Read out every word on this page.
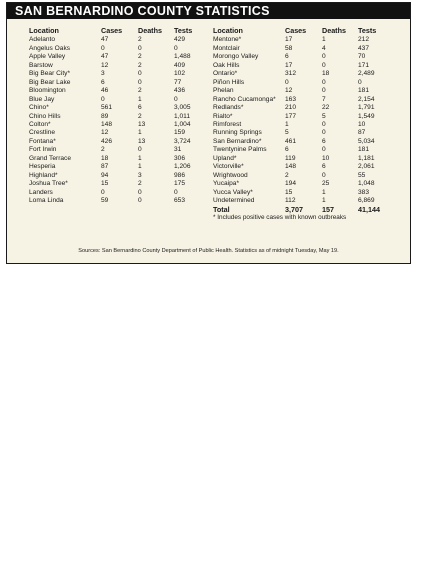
SAN BERNARDINO COUNTY STATISTICS
Location	Cases	Deaths	Tests
Adelanto	47	2	429
Angelus Oaks	0	0	0
Apple Valley	47	2	1,488
Barstow	12	2	409
Big Bear City*	3	0	102
Big Bear Lake	6	0	77
Bloomington	46	2	436
Blue Jay	0	1	0
Chino*	561	6	3,005
Chino Hills	89	2	1,011
Colton*	148	13	1,004
Crestline	12	1	159
Fontana*	426	13	3,724
Fort Irwin	2	0	31
Grand Terrace	18	1	306
Hesperia	87	1	1,206
Highland*	94	3	986
Joshua Tree*	15	2	175
Landers	0	0	0
Loma Linda	59	0	653
Location	Cases	Deaths	Tests
Mentone*	17	1	212
Montclair	58	4	437
Morongo Valley	6	0	70
Oak Hills	17	0	171
Ontario*	312	18	2,489
Piñon Hills	0	0	0
Phelan	12	0	181
Rancho Cucamonga*	163	7	2,154
Redlands*	210	22	1,791
Rialto*	177	5	1,549
Rimforest	1	0	10
Running Springs	5	0	87
San Bernardino*	461	6	5,034
Twentynine Palms	6	0	181
Upland*	119	10	1,181
Victorville*	148	6	2,061
Wrightwood	2	0	55
Yucaipa*	194	25	1,048
Yucca Valley*	15	1	383
Undetermined	112	1	6,869
Total	3,707	157	41,144
* Includes positive cases with known outbreaks
Sources: San Bernardino County Department of Public Health. Statistics as of midnight Tuesday, May 19.
